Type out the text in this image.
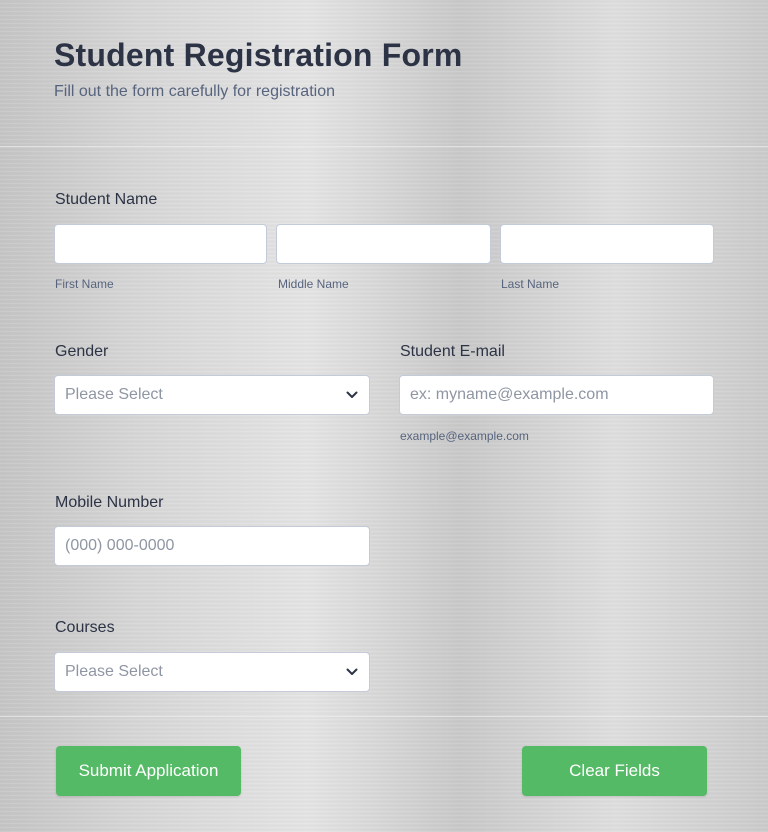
Student Registration Form
Fill out the form carefully for registration
Student Name
First Name	Middle Name	Last Name
Gender
Please Select
Student E-mail
ex: myname@example.com
example@example.com
Mobile Number
(000) 000-0000
Courses
Please Select
Submit Application	Clear Fields
